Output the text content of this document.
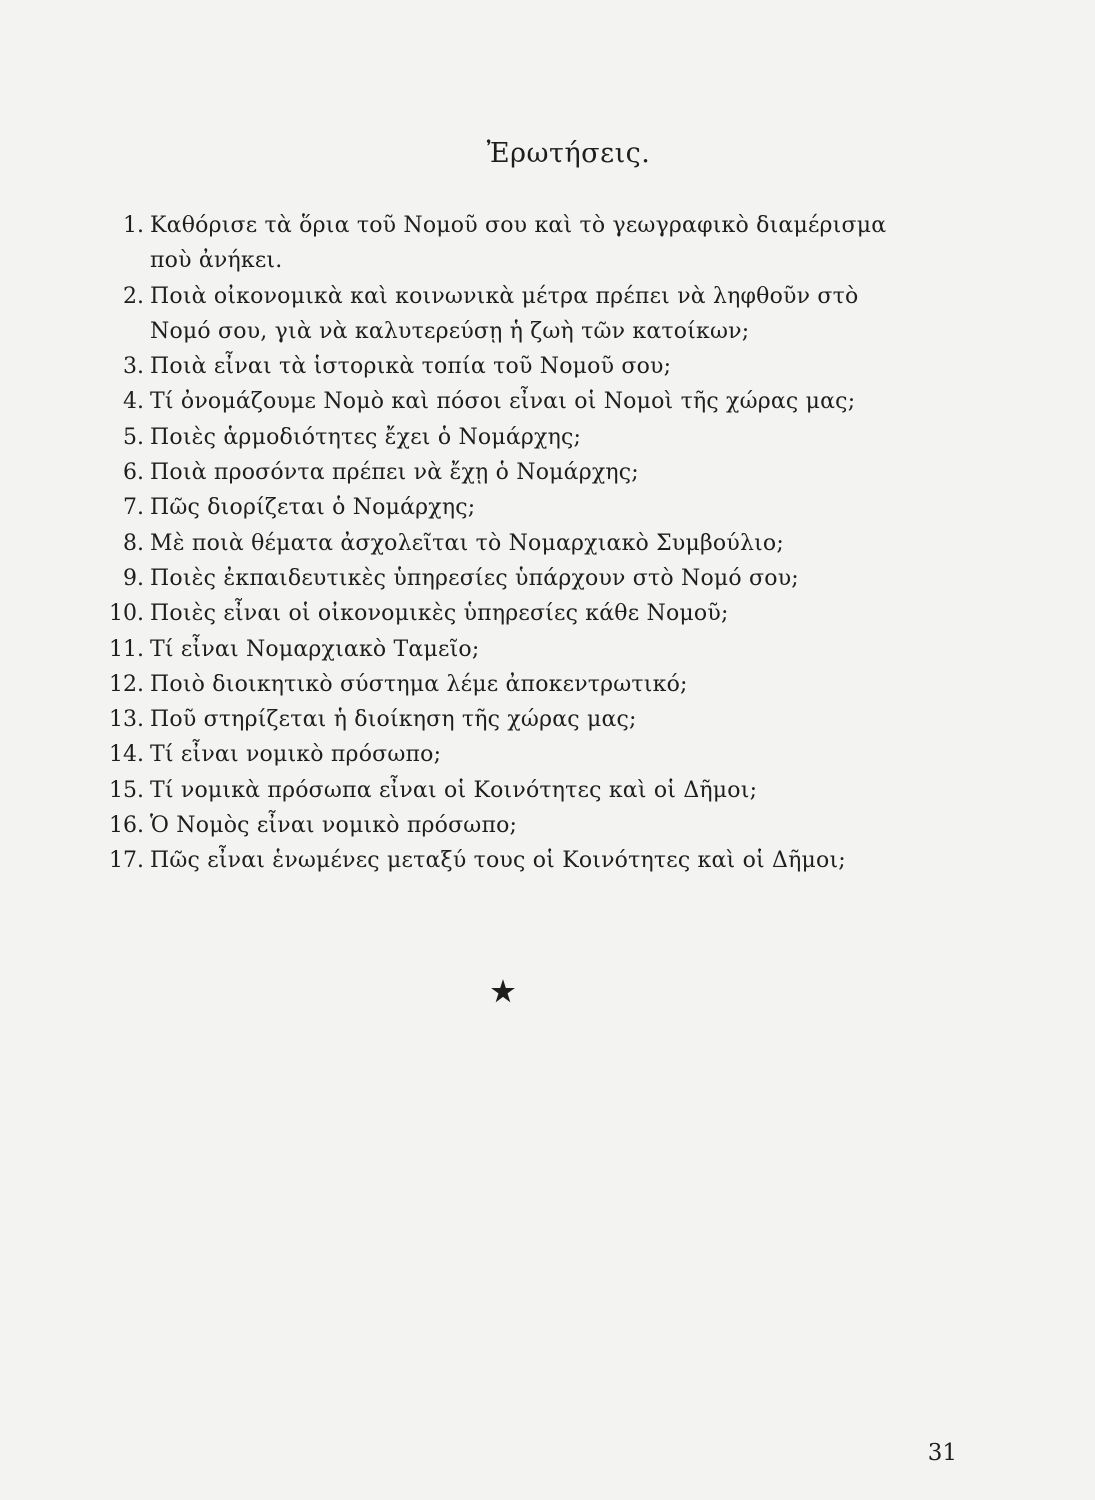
Ἐρωτήσεις.
1. Καθόρισε τὰ ὅρια τοῦ Νομοῦ σου καὶ τὸ γεωγραφικὸ διαμέρισμα
ποὺ ἀνήκει.
2. Ποιὰ οἰκονομικὰ καὶ κοινωνικὰ μέτρα πρέπει νὰ ληφθοῦν στὸ
Νομό σου, γιὰ νὰ καλυτερεύσῃ ἡ ζωὴ τῶν κατοίκων;
3. Ποιὰ εἶναι τὰ ἱστορικὰ τοπία τοῦ Νομοῦ σου;
4. Τί ὀνομάζουμε Νομὸ καὶ πόσοι εἶναι οἱ Νομοὶ τῆς χώρας μας;
5. Ποιὲς ἁρμοδιότητες ἔχει ὁ Νομάρχης;
6. Ποιὰ προσόντα πρέπει νὰ ἔχῃ ὁ Νομάρχης;
7. Πῶς διορίζεται ὁ Νομάρχης;
8. Μὲ ποιὰ θέματα ἀσχολεῖται τὸ Νομαρχιακὸ Συμβούλιο;
9. Ποιὲς ἐκπαιδευτικὲς ὑπηρεσίες ὑπάρχουν στὸ Νομό σου;
10. Ποιὲς εἶναι οἱ οἰκονομικὲς ὑπηρεσίες κάθε Νομοῦ;
11. Τί εἶναι Νομαρχιακὸ Ταμεῖο;
12. Ποιὸ διοικητικὸ σύστημα λέμε ἀποκεντρωτικό;
13. Ποῦ στηρίζεται ἡ διοίκηση τῆς χώρας μας;
14. Τί εἶναι νομικὸ πρόσωπο;
15. Τί νομικὰ πρόσωπα εἶναι οἱ Κοινότητες καὶ οἱ Δῆμοι;
16. Ὁ Νομὸς εἶναι νομικὸ πρόσωπο;
17. Πῶς εἶναι ἑνωμένες μεταξύ τους οἱ Κοινότητες καὶ οἱ Δῆμοι;
31
